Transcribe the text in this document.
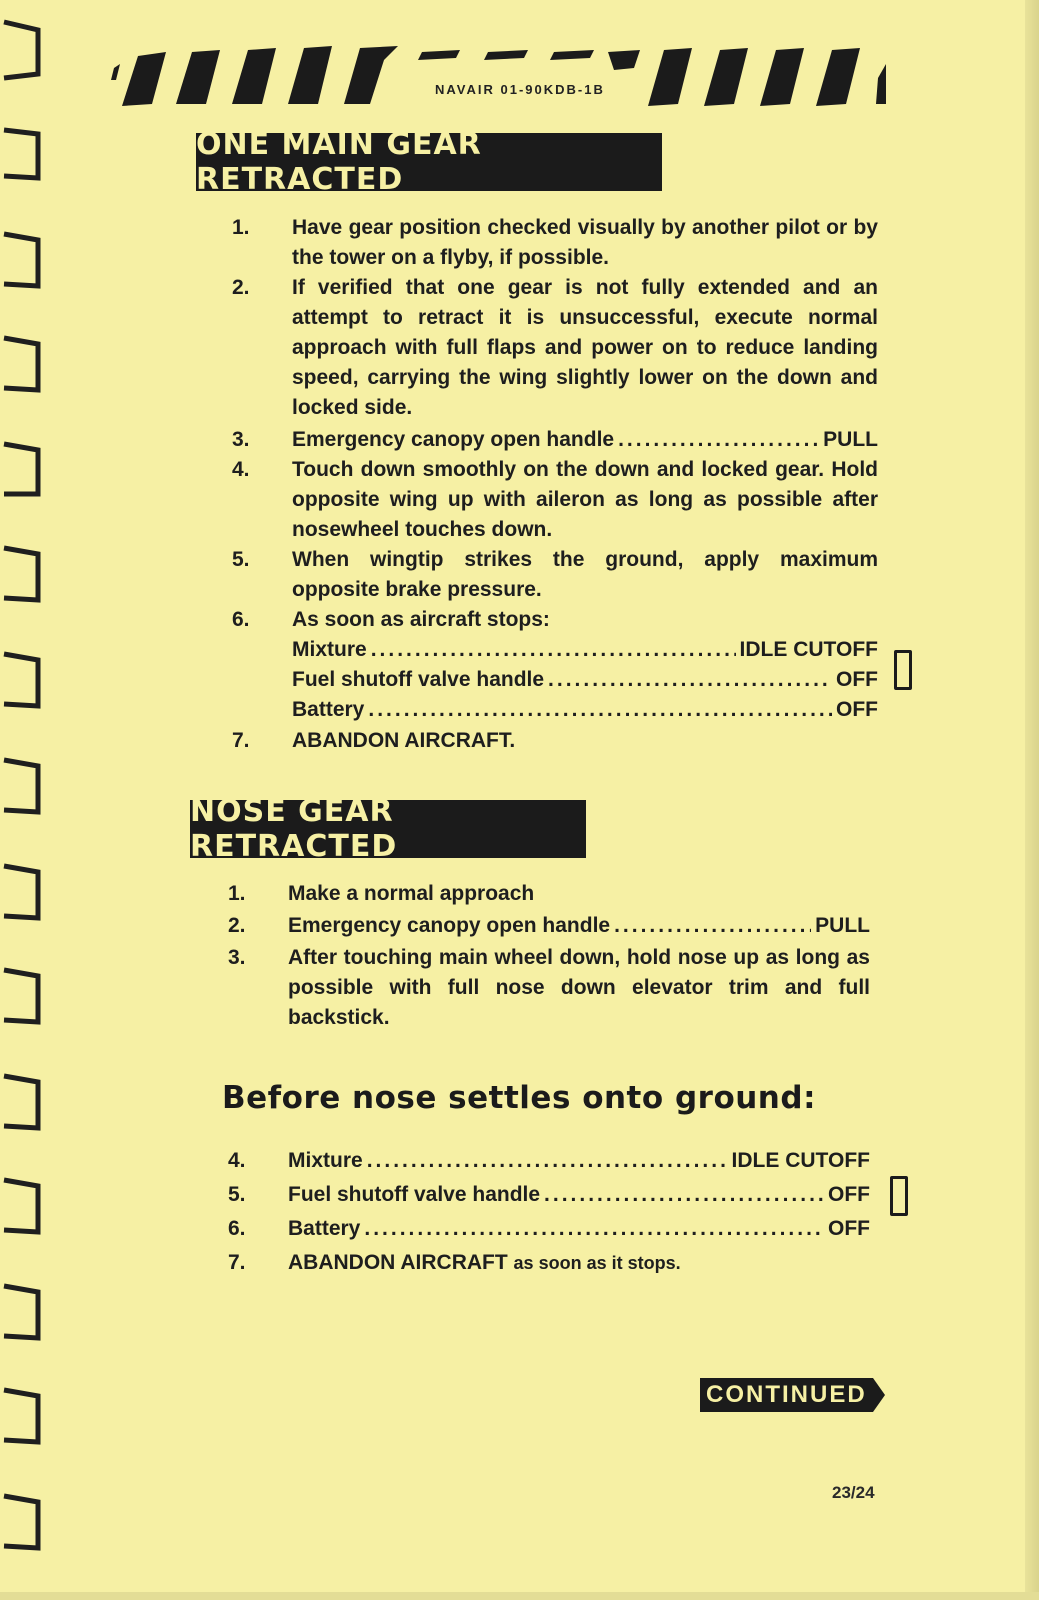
NAVAIR 01-90KDB-1B
ONE MAIN GEAR RETRACTED
1.	Have gear position checked visually by another pilot or by the tower on a flyby, if possible.
2.	If verified that one gear is not fully extended and an attempt to retract it is unsuccessful, execute normal approach with full flaps and power on to reduce landing speed, carrying the wing slightly lower on the down and locked side.
3.	Emergency canopy open handle .....	PULL
4.	Touch down smoothly on the down and locked gear. Hold opposite wing up with aileron as long as possible after nosewheel touches down.
5.	When wingtip strikes the ground, apply maximum opposite brake pressure.
6.	As soon as aircraft stops:
Mixture .....	IDLE CUTOFF
Fuel shutoff valve handle .....	OFF
Battery .....	OFF
7.	ABANDON AIRCRAFT.
NOSE GEAR RETRACTED
1.	Make a normal approach
2.	Emergency canopy open handle .....	PULL
3.	After touching main wheel down, hold nose up as long as possible with full nose down elevator trim and full backstick.
Before nose settles onto ground:
4.	Mixture .....	IDLE CUTOFF
5.	Fuel shutoff valve handle .....	OFF
6.	Battery .....	OFF
7.	ABANDON AIRCRAFT as soon as it stops.
CONTINUED
23/24
